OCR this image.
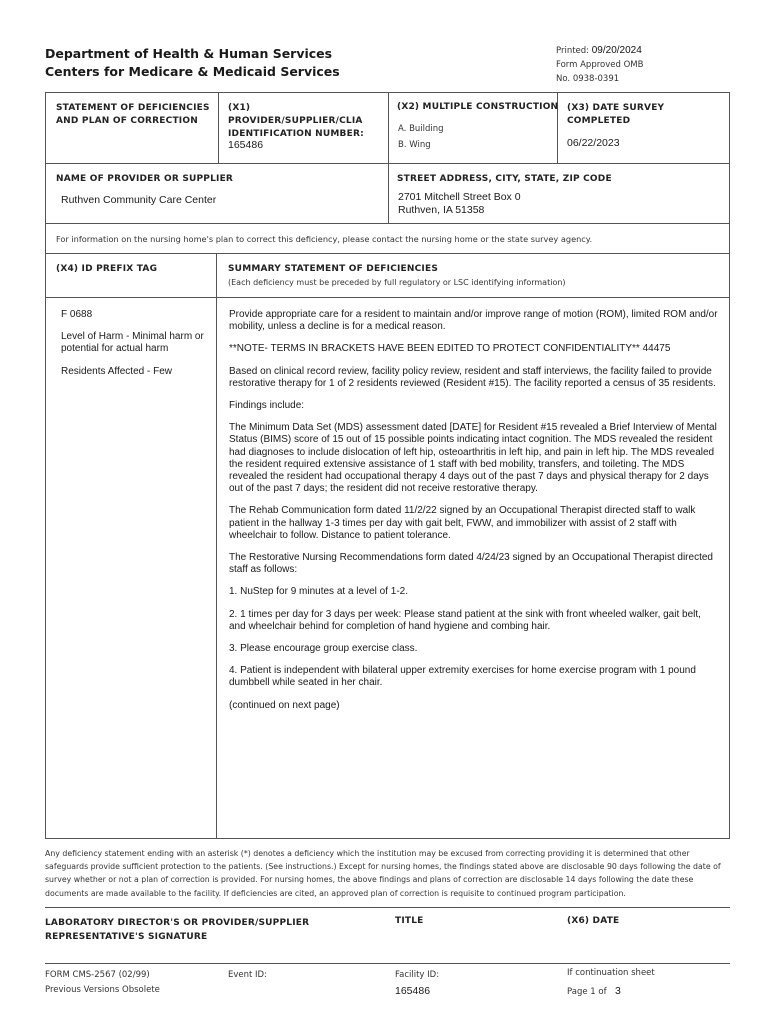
Department of Health & Human Services
Centers for Medicare & Medicaid Services
Printed: 09/20/2024
Form Approved OMB
No. 0938-0391
STATEMENT OF DEFICIENCIES AND PLAN OF CORRECTION
(X1) PROVIDER/SUPPLIER/CLIA IDENTIFICATION NUMBER:
165486
(X2) MULTIPLE CONSTRUCTION
A. Building
B. Wing
(X3) DATE SURVEY COMPLETED
06/22/2023
NAME OF PROVIDER OR SUPPLIER
Ruthven Community Care Center
STREET ADDRESS, CITY, STATE, ZIP CODE
2701 Mitchell Street Box 0
Ruthven, IA 51358
For information on the nursing home's plan to correct this deficiency, please contact the nursing home or the state survey agency.
(X4) ID PREFIX TAG	SUMMARY STATEMENT OF DEFICIENCIES
(Each deficiency must be preceded by full regulatory or LSC identifying information)

F 0688

Level of Harm - Minimal harm or potential for actual harm

Residents Affected - Few

Provide appropriate care for a resident to maintain and/or improve range of motion (ROM), limited ROM and/or mobility, unless a decline is for a medical reason.

**NOTE- TERMS IN BRACKETS HAVE BEEN EDITED TO PROTECT CONFIDENTIALITY** 44475

Based on clinical record review, facility policy review, resident and staff interviews, the facility failed to provide restorative therapy for 1 of 2 residents reviewed (Resident #15). The facility reported a census of 35 residents.

Findings include:

The Minimum Data Set (MDS) assessment dated [DATE] for Resident #15 revealed a Brief Interview of Mental Status (BIMS) score of 15 out of 15 possible points indicating intact cognition. The MDS revealed the resident had diagnoses to include dislocation of left hip, osteoarthritis in left hip, and pain in left hip. The MDS revealed the resident required extensive assistance of 1 staff with bed mobility, transfers, and toileting. The MDS revealed the resident had occupational therapy 4 days out of the past 7 days and physical therapy for 2 days out of the past 7 days; the resident did not receive restorative therapy.

The Rehab Communication form dated 11/2/22 signed by an Occupational Therapist directed staff to walk patient in the hallway 1-3 times per day with gait belt, FWW, and immobilizer with assist of 2 staff with wheelchair to follow. Distance to patient tolerance.

The Restorative Nursing Recommendations form dated 4/24/23 signed by an Occupational Therapist directed staff as follows:

1. NuStep for 9 minutes at a level of 1-2.

2. 1 times per day for 3 days per week: Please stand patient at the sink with front wheeled walker, gait belt, and wheelchair behind for completion of hand hygiene and combing hair.

3. Please encourage group exercise class.

4. Patient is independent with bilateral upper extremity exercises for home exercise program with 1 pound dumbbell while seated in her chair.

(continued on next page)

Any deficiency statement ending with an asterisk (*) denotes a deficiency which the institution may be excused from correcting providing it is determined that other safeguards provide sufficient protection to the patients. (See instructions.) Except for nursing homes, the findings stated above are disclosable 90 days following the date of survey whether or not a plan of correction is provided. For nursing homes, the above findings and plans of correction are disclosable 14 days following the date these documents are made available to the facility. If deficiencies are cited, an approved plan of correction is requisite to continued program participation.
LABORATORY DIRECTOR'S OR PROVIDER/SUPPLIER REPRESENTATIVE'S SIGNATURE
TITLE	(X6) DATE
FORM CMS-2567 (02/99)
Previous Versions Obsolete
Event ID:	Facility ID:
165486
If continuation sheet
Page 1 of 3
